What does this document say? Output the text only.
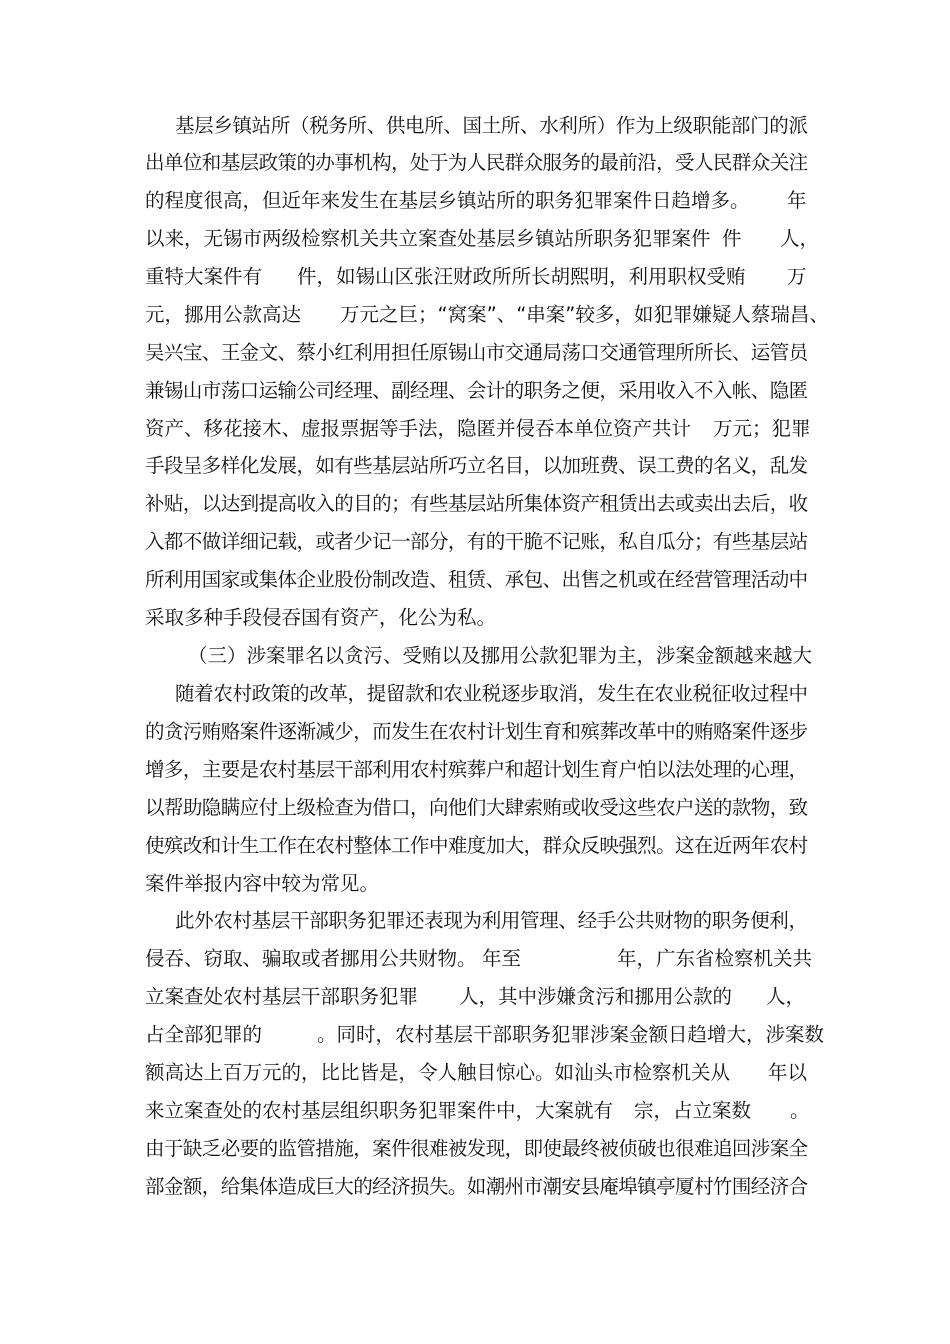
基层乡镇站所（税务所、供电所、国土所、水利所）作为上级职能部门的派
出单位和基层政策的办事机构，处于为人民群众服务的最前沿，受人民群众关注
的程度很高，但近年来发生在基层乡镇站所的职务犯罪案件日趋增多。 年
以来，无锡市两级检察机关共立案查处基层乡镇站所职务犯罪案件 件 人，
重特大案件有 件，如锡山区张汪财政所所长胡熙明，利用职权受贿 万
元，挪用公款高达 万元之巨；“窝案”、“串案”较多，如犯罪嫌疑人蔡瑞昌、
吴兴宝、王金文、蔡小红利用担任原锡山市交通局荡口交通管理所所长、运管员
兼锡山市荡口运输公司经理、副经理、会计的职务之便，采用收入不入帐、隐匿
资产、移花接木、虚报票据等手法，隐匿并侵吞本单位资产共计 万元；犯罪
手段呈多样化发展，如有些基层站所巧立名目，以加班费、误工费的名义，乱发
补贴，以达到提高收入的目的；有些基层站所集体资产租赁出去或卖出去后，收
入都不做详细记载，或者少记一部分，有的干脆不记账，私自瓜分；有些基层站
所利用国家或集体企业股份制改造、租赁、承包、出售之机或在经营管理活动中
采取多种手段侵吞国有资产，化公为私。
（三）涉案罪名以贪污、受贿以及挪用公款犯罪为主，涉案金额越来越大
随着农村政策的改革，提留款和农业税逐步取消，发生在农业税征收过程中
的贪污贿赂案件逐渐减少，而发生在农村计划生育和殡葬改革中的贿赂案件逐步
增多，主要是农村基层干部利用农村殡葬户和超计划生育户怕以法处理的心理，
以帮助隐瞒应付上级检查为借口，向他们大肆索贿或收受这些农户送的款物，致
使殡改和计生工作在农村整体工作中难度加大，群众反映强烈。这在近两年农村
案件举报内容中较为常见。
此外农村基层干部职务犯罪还表现为利用管理、经手公共财物的职务便利，
侵吞、窃取、骗取或者挪用公共财物。 年至	年，广东省检察机关共
立案查处农村基层干部职务犯罪 人，其中涉嫌贪污和挪用公款的 人，
占全部犯罪的	。同时，农村基层干部职务犯罪涉案金额日趋增大，涉案数
额高达上百万元的，比比皆是，令人触目惊心。如汕头市检察机关从 年以
来立案查处的农村基层组织职务犯罪案件中，大案就有 宗，占立案数 。
由于缺乏必要的监管措施，案件很难被发现，即使最终被侦破也很难追回涉案全
部金额，给集体造成巨大的经济损失。如潮州市潮安县庵埠镇亭厦村竹围经济合
